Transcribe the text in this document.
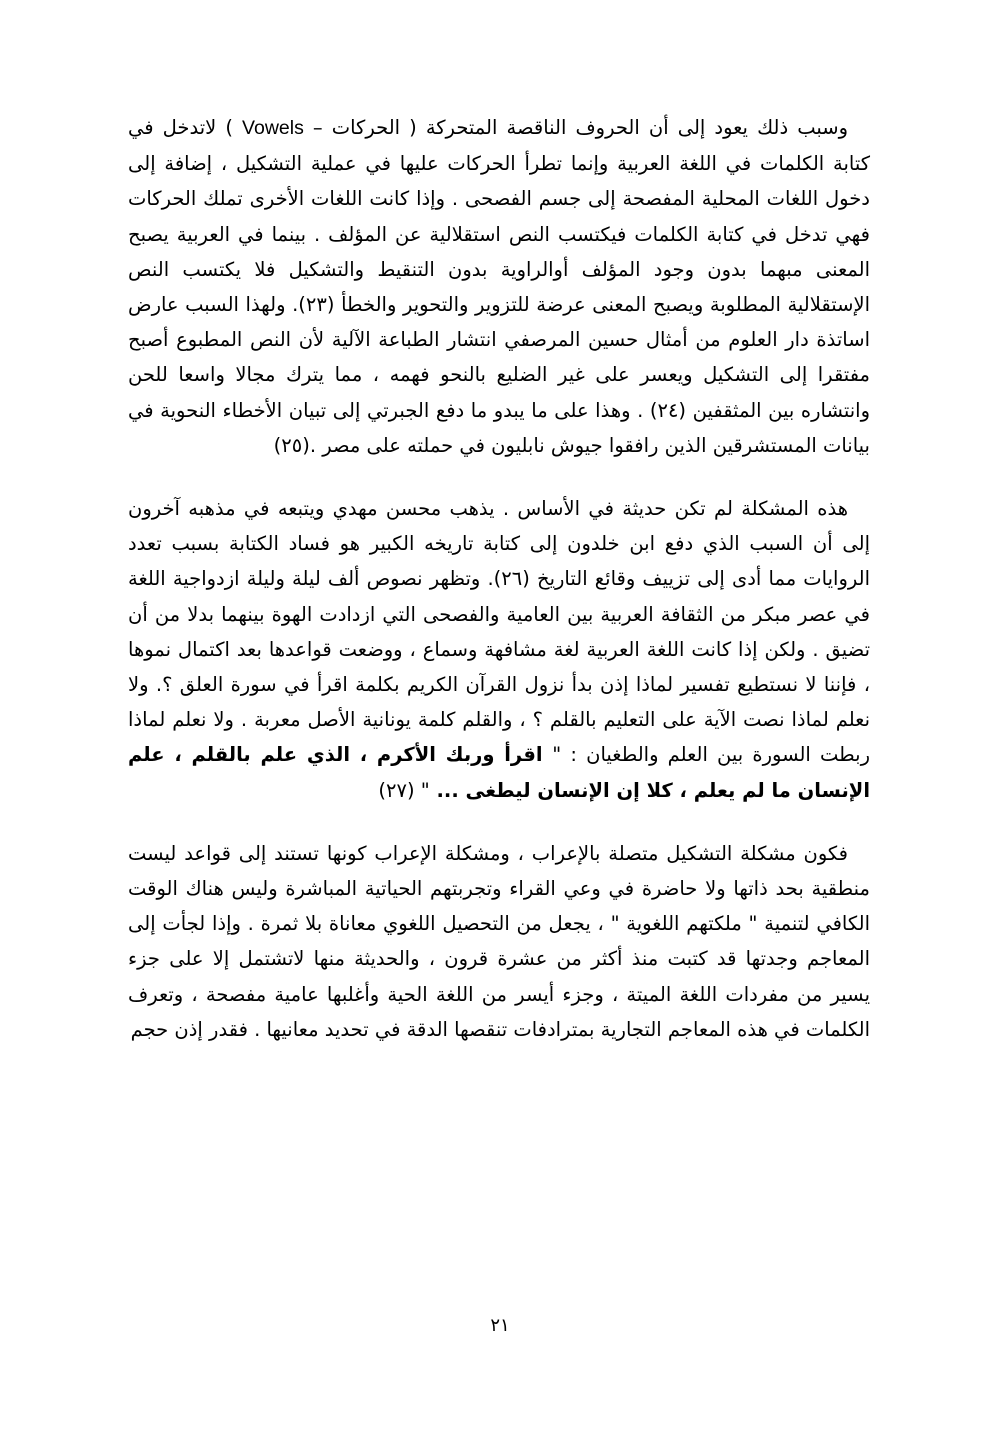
وسبب ذلك يعود إلى أن الحروف الناقصة المتحركة ( الحركات – Vowels ) لاتدخل في كتابة الكلمات في اللغة العربية وإنما تطرأ الحركات عليها في عملية التشكيل ، إضافة إلى دخول اللغات المحلية المفصحة إلى جسم الفصحى . وإذا كانت اللغات الأخرى تملك الحركات فهي تدخل في كتابة الكلمات فيكتسب النص استقلالية عن المؤلف . بينما في العربية يصبح المعنى مبهما بدون وجود المؤلف أوالراوية بدون التنقيط والتشكيل فلا يكتسب النص الإستقلالية المطلوبة ويصبح المعنى عرضة للتزوير والتحوير والخطأ (٢٣). ولهذا السبب عارض اساتذة دار العلوم من أمثال حسين المرصفي انتشار الطباعة الآلية لأن النص المطبوع أصبح مفتقرا إلى التشكيل ويعسر على غير الضليع بالنحو فهمه ، مما يترك مجالا واسعا للحن وانتشاره بين المثقفين (٢٤) . وهذا على ما يبدو ما دفع الجبرتي إلى تبيان الأخطاء النحوية في بيانات المستشرقين الذين رافقوا جيوش نابليون في حملته على مصر .(٢٥)

هذه المشكلة لم تكن حديثة في الأساس . يذهب محسن مهدي ويتبعه في مذهبه آخرون إلى أن السبب الذي دفع ابن خلدون إلى كتابة تاريخه الكبير هو فساد الكتابة بسبب تعدد الروايات مما أدى إلى تزييف وقائع التاريخ (٢٦). وتظهر نصوص ألف ليلة وليلة ازدواجية اللغة في عصر مبكر من الثقافة العربية بين العامية والفصحى التي ازدادت الهوة بينهما بدلا من أن تضيق . ولكن إذا كانت اللغة العربية لغة مشافهة وسماع ، ووضعت قواعدها بعد اكتمال نموها ، فإننا لا نستطيع تفسير لماذا إذن بدأ نزول القرآن الكريم بكلمة اقرأ في سورة العلق ؟. ولا نعلم لماذا نصت الآية على التعليم بالقلم ؟ ، والقلم كلمة يونانية الأصل معربة . ولا نعلم لماذا ربطت السورة بين العلم والطغيان : " اقرأ وربك الأكرم ، الذي علم بالقلم ، علم الإنسان ما لم يعلم ، كلا إن الإنسان ليطغى ... " (٢٧)

فكون مشكلة التشكيل متصلة بالإعراب ، ومشكلة الإعراب كونها تستند إلى قواعد ليست منطقية بحد ذاتها ولا حاضرة في وعي القراء وتجربتهم الحياتية المباشرة وليس هناك الوقت الكافي لتنمية " ملكتهم اللغوية " ، يجعل من التحصيل اللغوي معاناة بلا ثمرة . وإذا لجأت إلى المعاجم وجدتها قد كتبت منذ أكثر من عشرة قرون ، والحديثة منها لاتشتمل إلا على جزء يسير من مفردات اللغة الميتة ، وجزء أيسر من اللغة الحية وأغلبها عامية مفصحة ، وتعرف الكلمات في هذه المعاجم التجارية بمترادفات تنقصها الدقة في تحديد معانيها . فقدر إذن حجم

٢١
